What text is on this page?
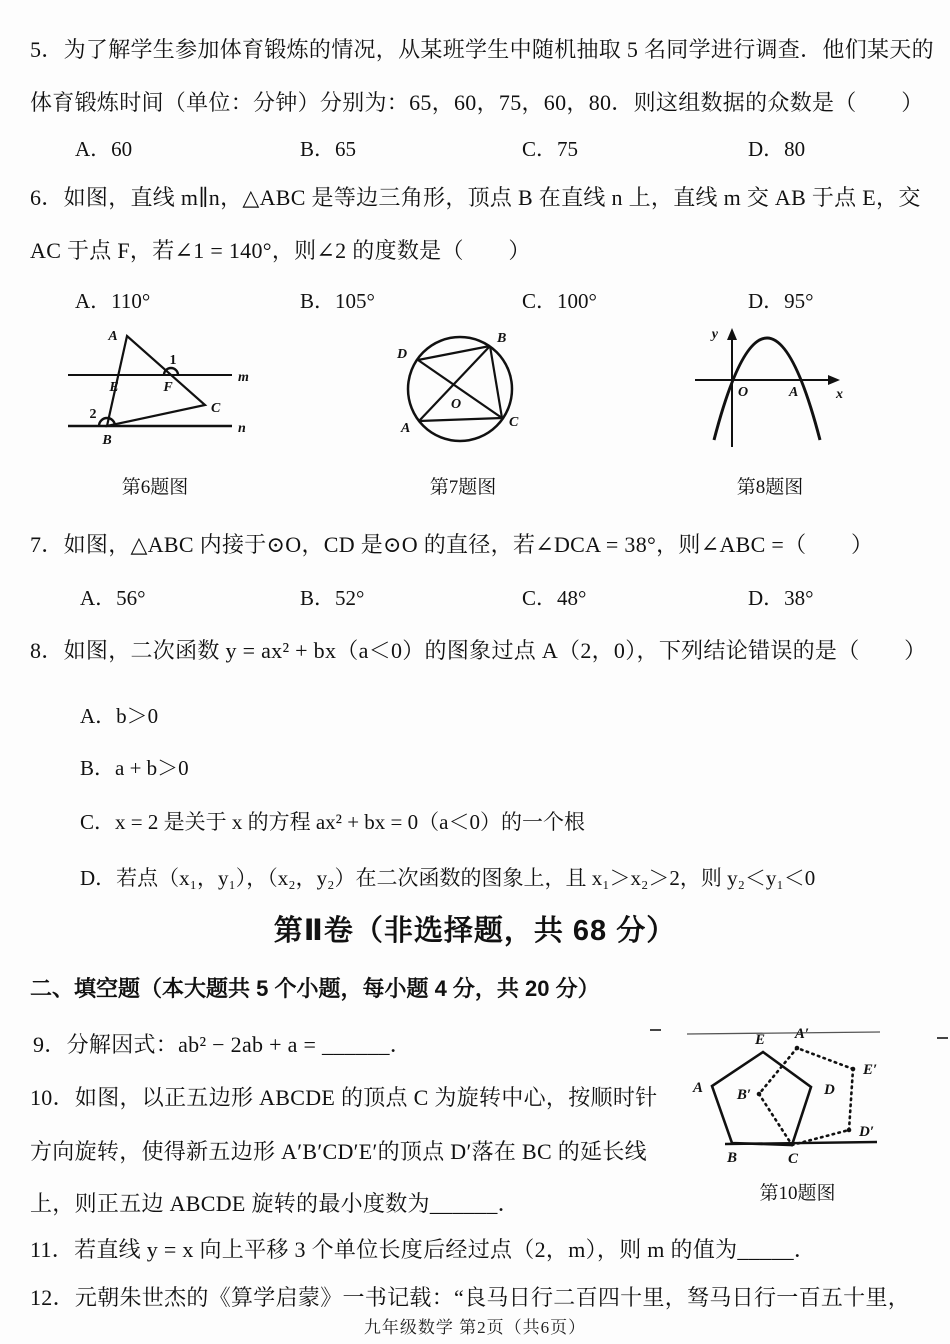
5．为了解学生参加体育锻炼的情况，从某班学生中随机抽取 5 名同学进行调查．他们某天的
体育锻炼时间（单位：分钟）分别为：65，60，75，60，80．则这组数据的众数是（　　）
A．60	B．65	C．75	D．80
6．如图，直线 m∥n，△ABC 是等边三角形，顶点 B 在直线 n 上，直线 m 交 AB 于点 E，交
AC 于点 F，若∠1 = 140°，则∠2 的度数是（　　）
A．110°	B．105°	C．100°	D．95°
A
E	F
1
m
C
2
B
n
第6题图
B
D
A	C
O
第7题图
y
O	A	x
第8题图
7．如图，△ABC 内接于⊙O，CD 是⊙O 的直径，若∠DCA = 38°，则∠ABC =（　　）
A．56°	B．52°	C．48°	D．38°
8．如图，二次函数 y = ax² + bx（a＜0）的图象过点 A（2，0），下列结论错误的是（　　）
A．b＞0
B．a + b＞0
C．x = 2 是关于 x 的方程 ax² + bx = 0（a＜0）的一个根
D．若点（x₁，y₁），（x₂，y₂）在二次函数的图象上，且 x₁＞x₂＞2，则 y₂＜y₁＜0
第Ⅱ卷（非选择题，共 68 分）
二、填空题（本大题共 5 个小题，每小题 4 分，共 20 分）
9．分解因式：ab² − 2ab + a = ______．
10．如图，以正五边形 ABCDE 的顶点 C 为旋转中心，按顺时针
方向旋转，使得新五边形 A′B′CD′E′的顶点 D′落在 BC 的延长线
上，则正五边 ABCDE 旋转的最小度数为______．
11．若直线 y = x 向上平移 3 个单位长度后经过点（2，m），则 m 的值为_____．
12．元朝朱世杰的《算学启蒙》一书记载：“良马日行二百四十里，驽马日行一百五十里，
E A′
A B′	D
E′
D′
B	C
第10题图
九年级数学 第2页（共6页）
